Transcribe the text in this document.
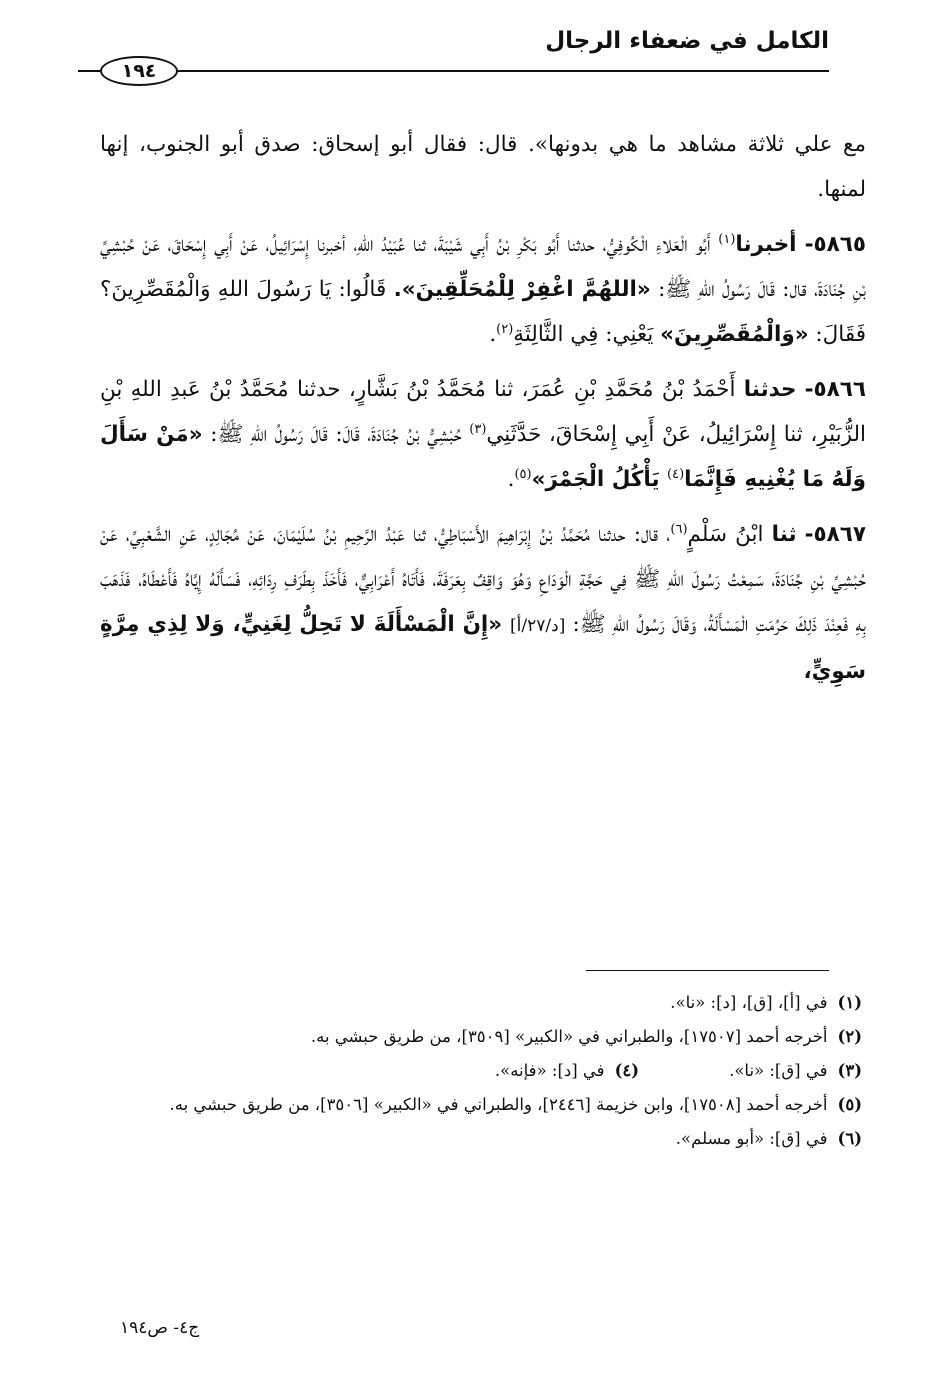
الكامل في ضعفاء الرجال
١٩٤

مع علي ثلاثة مشاهد ما هي بدونها». قال: فقال أبو إسحاق: صدق أبو الجنوب، إنها لمنها.

٥٨٦٥-أخبرنا$^{(١)}$ أَبُو الْعَلاءِ الْكُوفِيُّ، حدثنا أَبُو بَكْرِ بْنُ أَبِي شَيْبَةَ، ثنا عُبَيْدُ اللهِ، أخبرنا إِسْرَائِيلُ، عَنْ أَبِي إِسْحَاقَ، عَنْ حُبْشِيِّ بْنِ جُنَادَةَ، قال: قَالَ رَسُولُ اللهِ ﷺ: «اللهُمَّ اغْفِرْ لِلْمُحَلِّقِينَ». قَالُوا: يَا رَسُولَ اللهِ وَالْمُقَصِّرِينَ؟ فَقَالَ: «وَالْمُقَصِّرِينَ» يَعْنِي: فِي الثَّالِثَةِ$^{(٢)}$.

٥٨٦٦-حدثنا أَحْمَدُ بْنُ مُحَمَّدِ بْنِ عُمَرَ، ثنا مُحَمَّدُ بْنُ بَشَّارٍ، حدثنا مُحَمَّدُ بْنُ عَبدِ اللهِ بْنِ الزُّبَيْرِ، ثنا إِسْرَائِيلُ، عَنْ أَبِي إِسْحَاقَ، حَدَّثَنِي$^{(٣)}$ حُبْشِيُّ بْنُ جُنَادَةَ، قَالَ: قَالَ رَسُولُ اللهِ ﷺ: «مَنْ سَأَلَ وَلَهُ مَا يُغْنِيهِ فَإِنَّمَا$^{(٤)}$ يَأْكُلُ الْجَمْرَ»$^{(٥)}$.

٥٨٦٧-ثنا ابْنُ سَلْمٍ$^{(٦)}$، قال: حدثنا مُحَمَّدُ بْنُ إِبْرَاهِيمَ الأَسْبَاطِيُّ، ثنا عَبْدُ الرَّحِيمِ بْنُ سُلَيْمَانَ، عَنْ مُجَالِدٍ، عَنِ الشَّعْبِيِّ، عَنْ حُبْشِيِّ بْنِ جُنَادَةَ، سَمِعْتُ رَسُولَ اللهِ ﷺ فِي حَجَّةِ الْوَدَاعِ وَهُوَ وَاقِفٌ بِعَرَفَةَ، فَأَتَاهُ أَعْرَابِيٌّ، فَأَخَذَ بِطَرَفِ رِدَائِهِ، فَسَأَلَهُ إِيَّاهُ فَأَعْطَاهُ، فَذَهَبَ بِهِ فَعِنْدَ ذَلِكَ حَرُمَتِ الْمَسْأَلَةُ، وَقَالَ رَسُولُ اللهِ ﷺ: [د/٢٧/أ] «إِنَّ الْمَسْأَلَةَ لا تَحِلُّ لِغَنِيٍّ، وَلا لِذِي مِرَّةٍ سَوِيٍّ،

(١)في [أ]، [ق]، [د]: «نا».

(٢)أخرجه أحمد [١٧٥٠٧]، والطبراني في «الكبير» [٣٥٠٩]، من طريق حبشي به.

(٣)في [ق]: «نا».
(٤)في [د]: «فإنه».

(٥)أخرجه أحمد [١٧٥٠٨]، وابن خزيمة [٢٤٤٦]، والطبراني في «الكبير» [٣٥٠٦]، من طريق حبشي به.

(٦)في [ق]: «أبو مسلم».

ج٤- ص١٩٤
